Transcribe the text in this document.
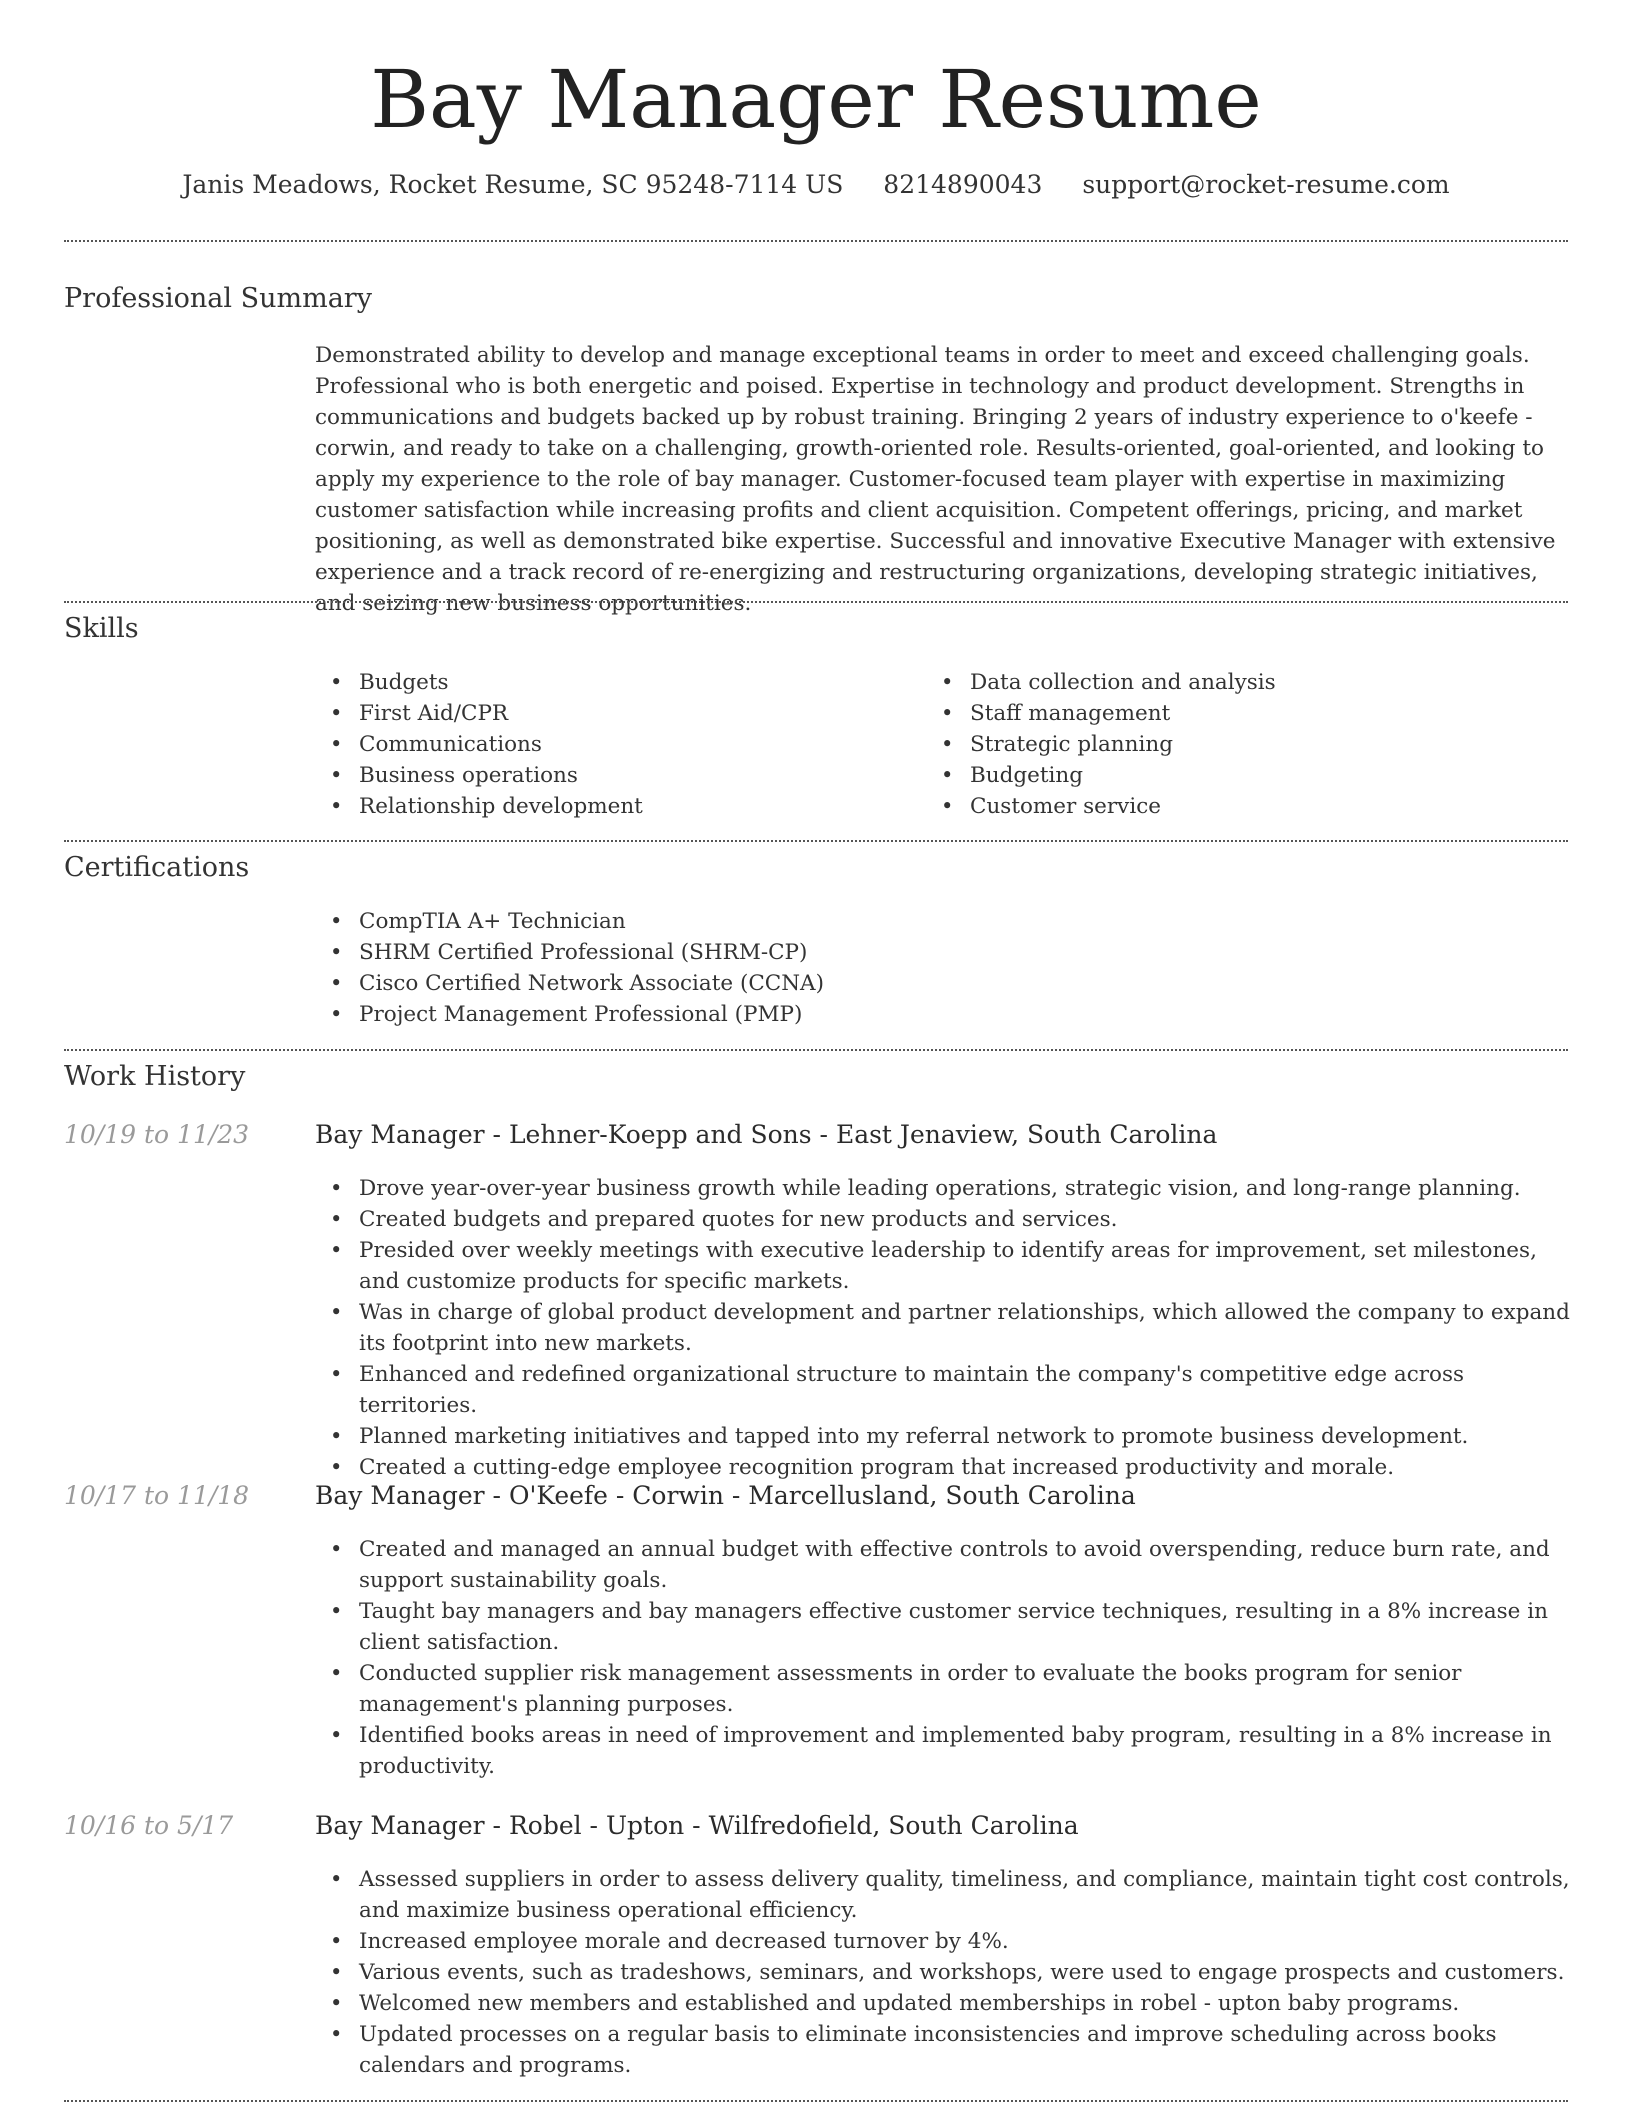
Bay Manager Resume
Janis Meadows, Rocket Resume, SC 95248-7114 US 8214890043 support@rocket-resume.com
Professional Summary

Demonstrated ability to develop and manage exceptional teams in order to meet and exceed challenging goals. Professional who is both energetic and poised. Expertise in technology and product development. Strengths in communications and budgets backed up by robust training. Bringing 2 years of industry experience to o'keefe - corwin, and ready to take on a challenging, growth-oriented role. Results-oriented, goal-oriented, and looking to apply my experience to the role of bay manager. Customer-focused team player with expertise in maximizing customer satisfaction while increasing profits and client acquisition. Competent offerings, pricing, and market positioning, as well as demonstrated bike expertise. Successful and innovative Executive Manager with extensive experience and a track record of re-energizing and restructuring organizations, developing strategic initiatives, and seizing new business opportunities.

Skills
• Budgets
• First Aid/CPR
• Communications
• Business operations
• Relationship development
• Data collection and analysis
• Staff management
• Strategic planning
• Budgeting
• Customer service
Certifications
• CompTIA A+ Technician
• SHRM Certified Professional (SHRM-CP)
• Cisco Certified Network Associate (CCNA)
• Project Management Professional (PMP)
Work History
10/19 to 11/23	Bay Manager - Lehner-Koepp and Sons - East Jenaview, South Carolina
• Drove year-over-year business growth while leading operations, strategic vision, and long-range planning.
• Created budgets and prepared quotes for new products and services.
• Presided over weekly meetings with executive leadership to identify areas for improvement, set milestones, and customize products for specific markets.
• Was in charge of global product development and partner relationships, which allowed the company to expand its footprint into new markets.
• Enhanced and redefined organizational structure to maintain the company's competitive edge across territories.
• Planned marketing initiatives and tapped into my referral network to promote business development.
• Created a cutting-edge employee recognition program that increased productivity and morale.
10/17 to 11/18	Bay Manager - O'Keefe - Corwin - Marcellusland, South Carolina
• Created and managed an annual budget with effective controls to avoid overspending, reduce burn rate, and support sustainability goals.
• Taught bay managers and bay managers effective customer service techniques, resulting in a 8% increase in client satisfaction.
• Conducted supplier risk management assessments in order to evaluate the books program for senior management's planning purposes.
• Identified books areas in need of improvement and implemented baby program, resulting in a 8% increase in productivity.
10/16 to 5/17	Bay Manager - Robel - Upton - Wilfredofield, South Carolina
• Assessed suppliers in order to assess delivery quality, timeliness, and compliance, maintain tight cost controls, and maximize business operational efficiency.
• Increased employee morale and decreased turnover by 4%.
• Various events, such as tradeshows, seminars, and workshops, were used to engage prospects and customers.
• Welcomed new members and established and updated memberships in robel - upton baby programs.
• Updated processes on a regular basis to eliminate inconsistencies and improve scheduling across books calendars and programs.
